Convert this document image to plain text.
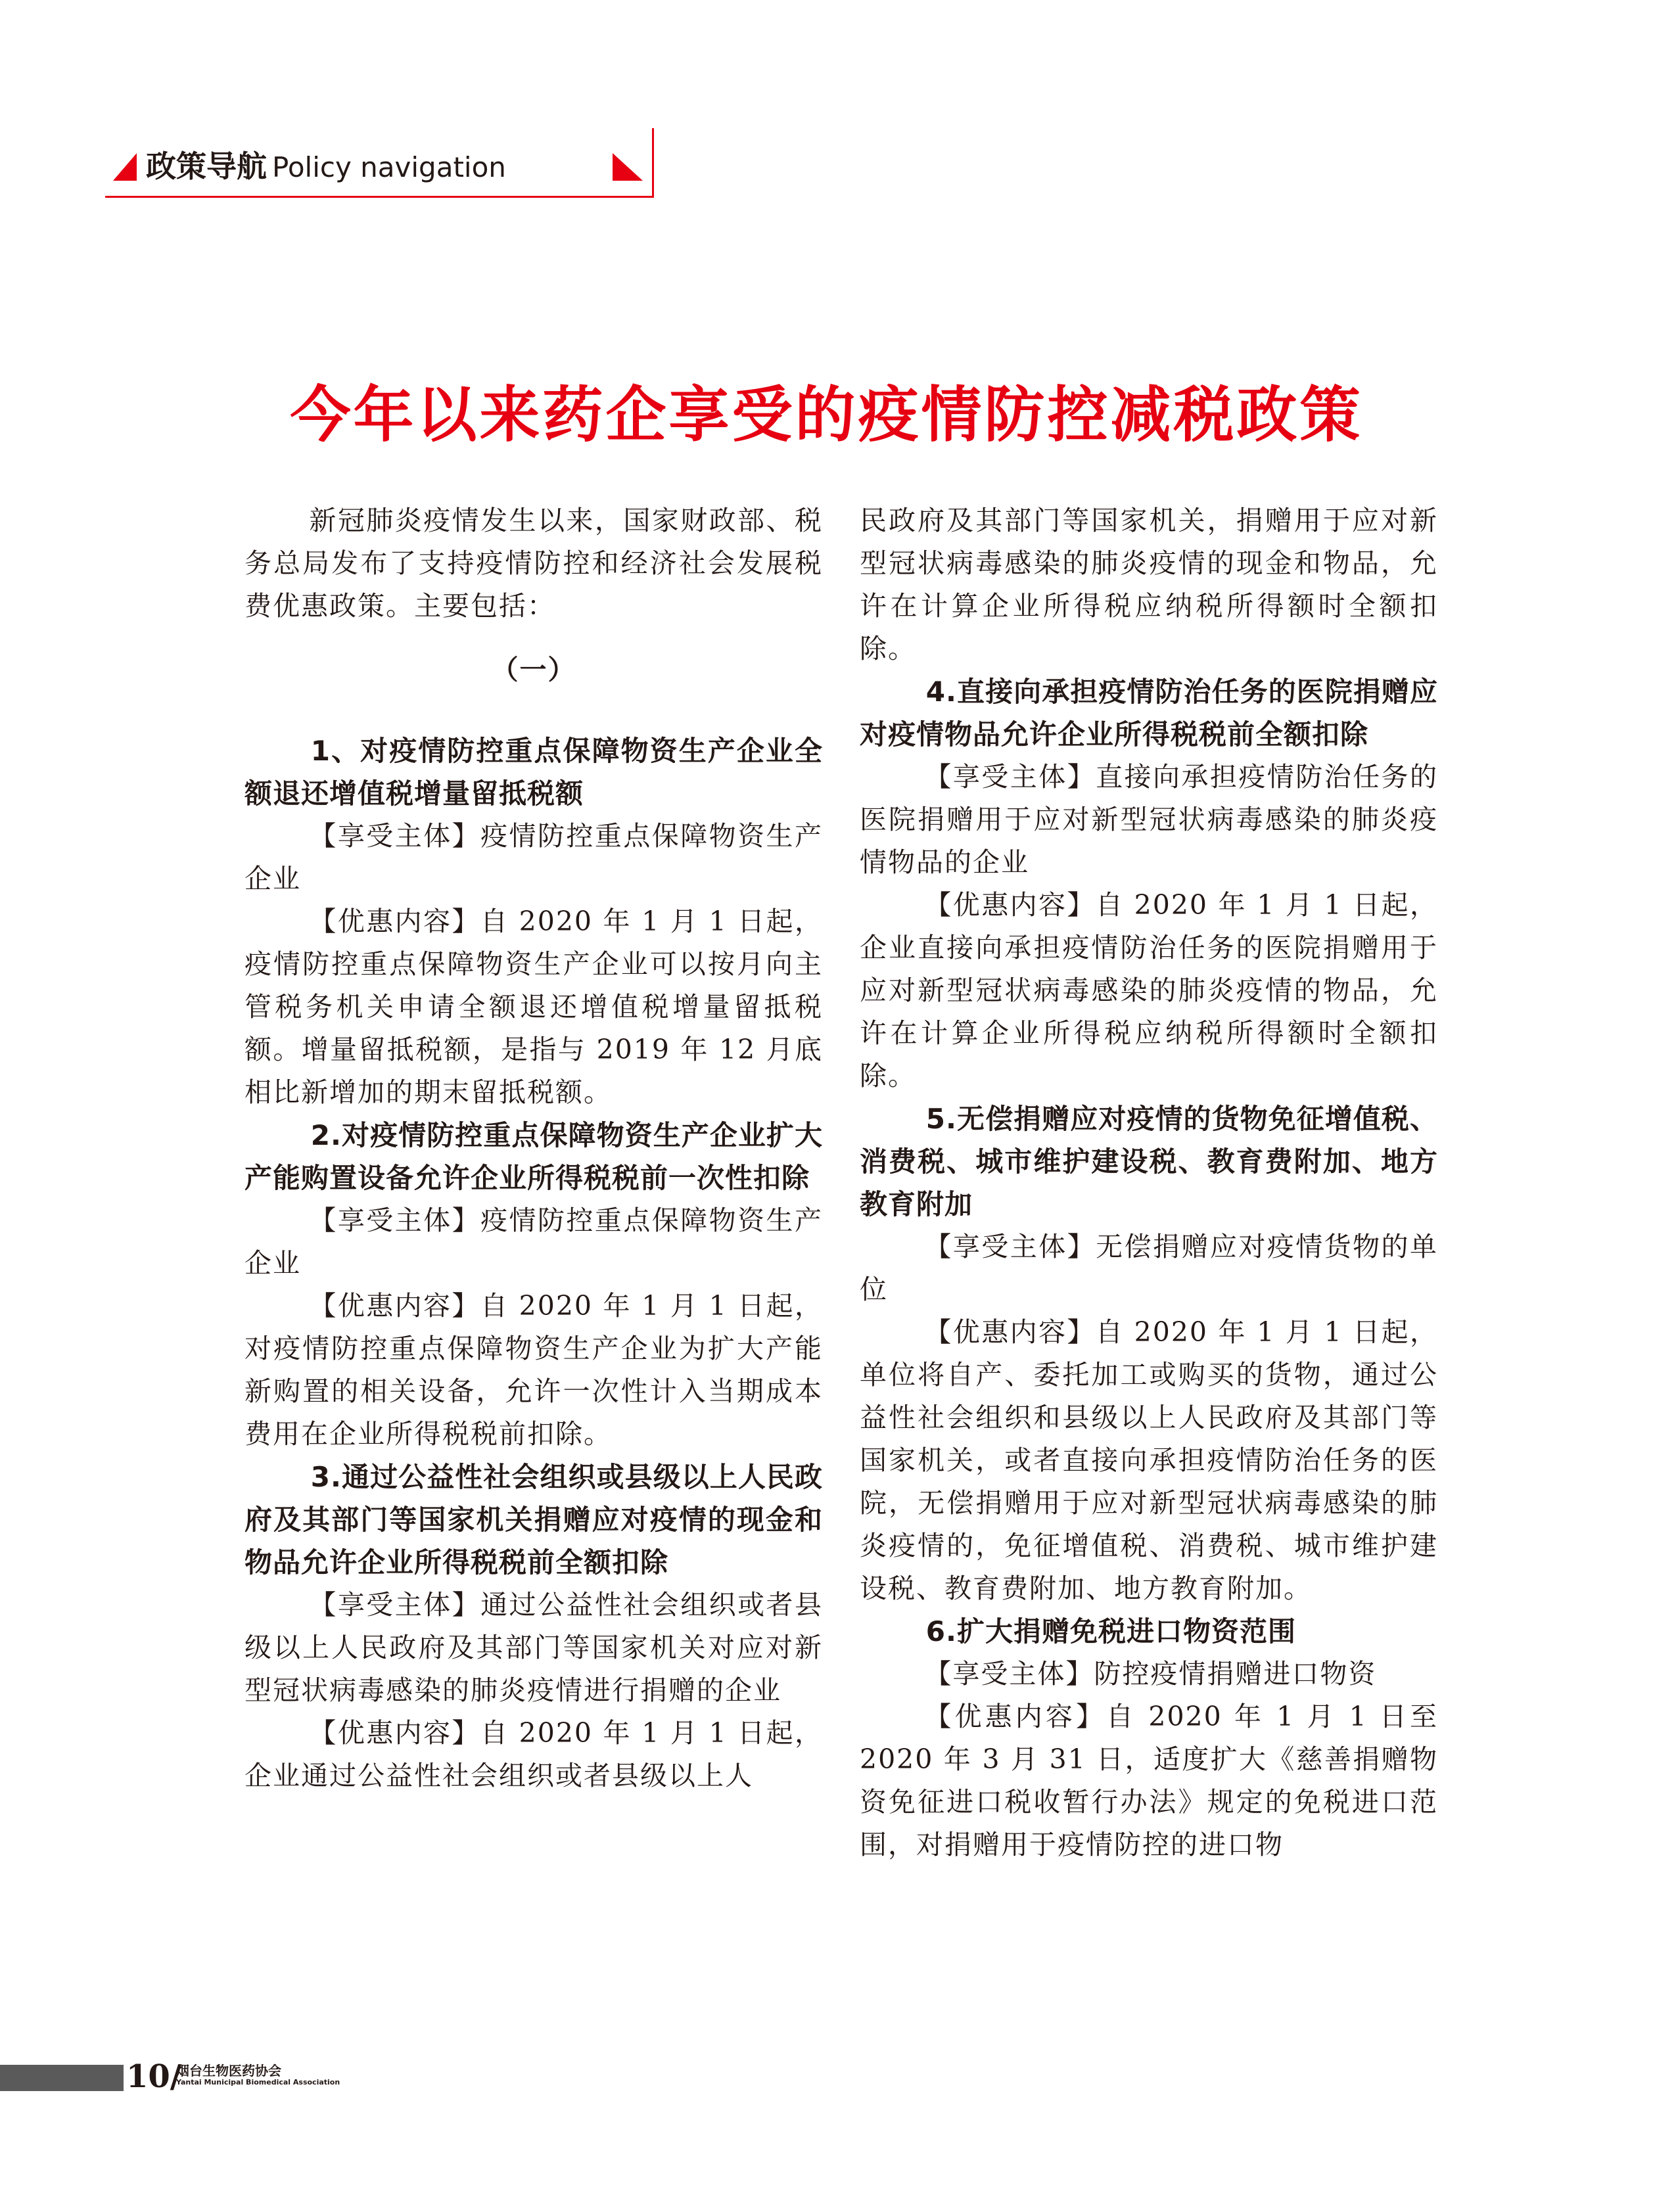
政策导航 Policy navigation
今年以来药企享受的疫情防控减税政策

新冠肺炎疫情发生以来，国家财政部、税务总局发布了支持疫情防控和经济社会发展税费优惠政策。主要包括：

（一）

1、对疫情防控重点保障物资生产企业全额退还增值税增量留抵税额

【享受主体】疫情防控重点保障物资生产企业

【优惠内容】自 2020 年 1 月 1 日起，疫情防控重点保障物资生产企业可以按月向主管税务机关申请全额退还增值税增量留抵税额。增量留抵税额，是指与 2019 年 12 月底相比新增加的期末留抵税额。

2.对疫情防控重点保障物资生产企业扩大产能购置设备允许企业所得税税前一次性扣除

【享受主体】疫情防控重点保障物资生产企业

【优惠内容】自 2020 年 1 月 1 日起，对疫情防控重点保障物资生产企业为扩大产能新购置的相关设备，允许一次性计入当期成本费用在企业所得税税前扣除。

3.通过公益性社会组织或县级以上人民政府及其部门等国家机关捐赠应对疫情的现金和物品允许企业所得税税前全额扣除

【享受主体】通过公益性社会组织或者县级以上人民政府及其部门等国家机关对应对新型冠状病毒感染的肺炎疫情进行捐赠的企业

【优惠内容】自 2020 年 1 月 1 日起，企业通过公益性社会组织或者县级以上人

民政府及其部门等国家机关，捐赠用于应对新型冠状病毒感染的肺炎疫情的现金和物品，允许在计算企业所得税应纳税所得额时全额扣除。

4.直接向承担疫情防治任务的医院捐赠应对疫情物品允许企业所得税税前全额扣除

【享受主体】直接向承担疫情防治任务的医院捐赠用于应对新型冠状病毒感染的肺炎疫情物品的企业

【优惠内容】自 2020 年 1 月 1 日起，企业直接向承担疫情防治任务的医院捐赠用于应对新型冠状病毒感染的肺炎疫情的物品，允许在计算企业所得税应纳税所得额时全额扣除。

5.无偿捐赠应对疫情的货物免征增值税、消费税、城市维护建设税、教育费附加、地方教育附加

【享受主体】无偿捐赠应对疫情货物的单位

【优惠内容】自 2020 年 1 月 1 日起，单位将自产、委托加工或购买的货物，通过公益性社会组织和县级以上人民政府及其部门等国家机关，或者直接向承担疫情防治任务的医院，无偿捐赠用于应对新型冠状病毒感染的肺炎疫情的，免征增值税、消费税、城市维护建设税、教育费附加、地方教育附加。

6.扩大捐赠免税进口物资范围

【享受主体】防控疫情捐赠进口物资

【优惠内容】自 2020 年 1 月 1 日至 2020 年 3 月 31 日，适度扩大《慈善捐赠物资免征进口税收暂行办法》规定的免税进口范围，对捐赠用于疫情防控的进口物

10/
烟台生物医药协会
Yantai Municipal Biomedical Association
